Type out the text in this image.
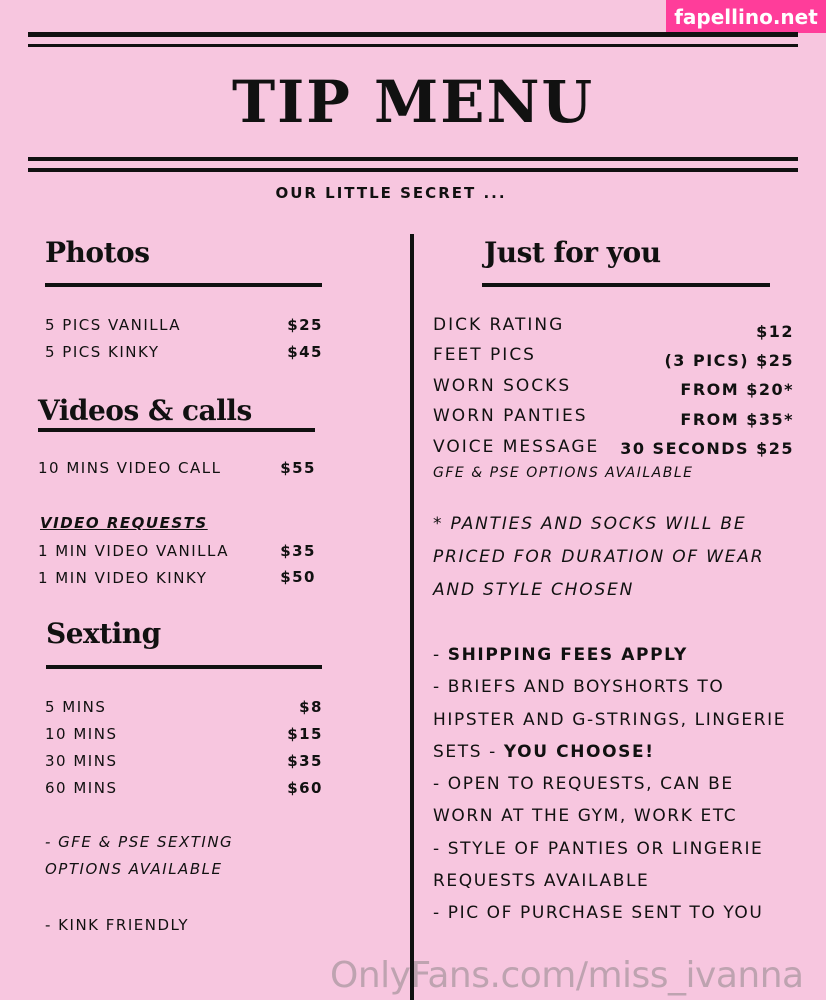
fapellino.net
TIP MENU
OUR LITTLE SECRET ...
Photos
5 PICS VANILLA	$25
5 PICS KINKY	$45
Videos & calls
10 MINS VIDEO CALL	$55
VIDEO REQUESTS
1 MIN VIDEO VANILLA	$35
1 MIN VIDEO KINKY	$50
Sexting
5 MINS	$8
10 MINS	$15
30 MINS	$35
60 MINS	$60
- GFE & PSE SEXTING
OPTIONS AVAILABLE
- KINK FRIENDLY
Just for you
DICK RATING	$12
FEET PICS	(3 PICS) $25
WORN SOCKS	FROM $20*
WORN PANTIES	FROM $35*
VOICE MESSAGE	30 SECONDS $25
GFE & PSE OPTIONS AVAILABLE
* PANTIES AND SOCKS WILL BE
PRICED FOR DURATION OF WEAR
AND STYLE CHOSEN
- SHIPPING FEES APPLY
- BRIEFS AND BOYSHORTS TO
HIPSTER AND G-STRINGS, LINGERIE
SETS - YOU CHOOSE!
- OPEN TO REQUESTS, CAN BE
WORN AT THE GYM, WORK ETC
- STYLE OF PANTIES OR LINGERIE
REQUESTS AVAILABLE
- PIC OF PURCHASE SENT TO YOU
OnlyFans.com/miss_ivanna
